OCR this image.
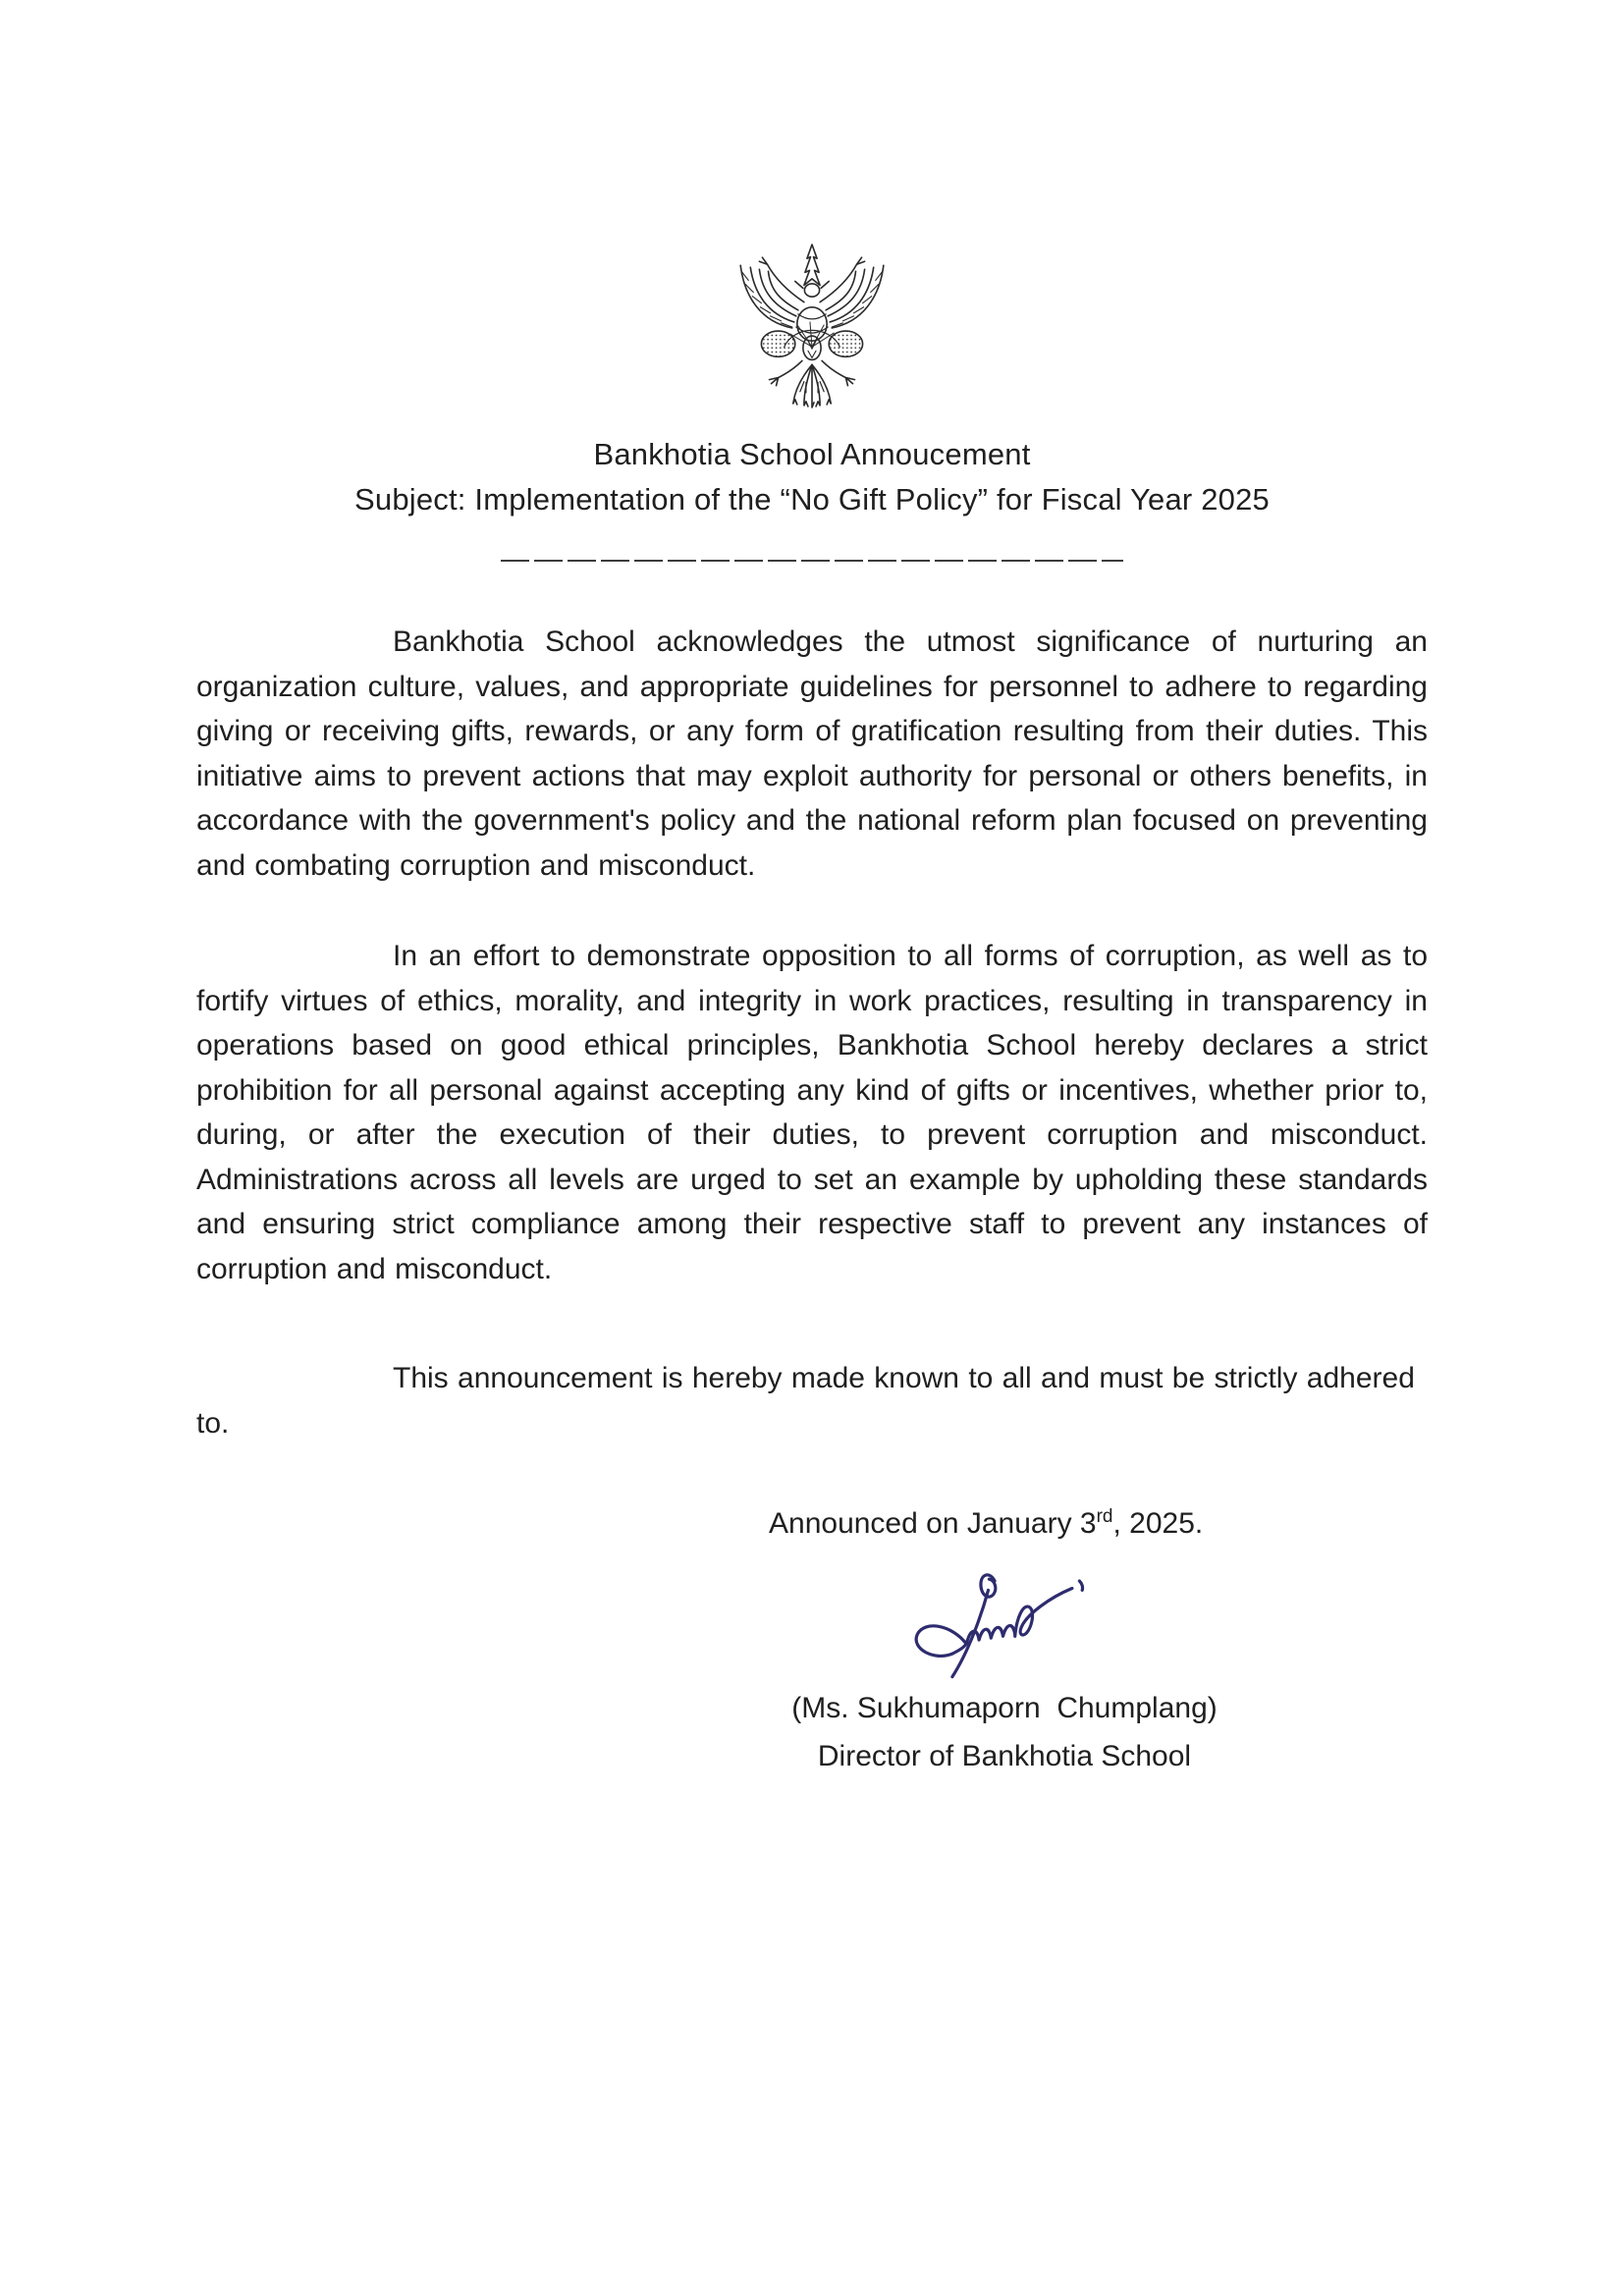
Bankhotia School Annoucement
Subject: Implementation of the “No Gift Policy” for Fiscal Year 2025

Bankhotia School acknowledges the utmost significance of nurturing an organization culture, values, and appropriate guidelines for personnel to adhere to regarding giving or receiving gifts, rewards, or any form of gratification resulting from their duties. This initiative aims to prevent actions that may exploit authority for personal or others benefits, in accordance with the government's policy and the national reform plan focused on preventing and combating corruption and misconduct.

In an effort to demonstrate opposition to all forms of corruption, as well as to fortify virtues of ethics, morality, and integrity in work practices, resulting in transparency in operations based on good ethical principles, Bankhotia School hereby declares a strict prohibition for all personal against accepting any kind of gifts or incentives, whether prior to, during, or after the execution of their duties, to prevent corruption and misconduct. Administrations across all levels are urged to set an example by upholding these standards and ensuring strict compliance among their respective staff to prevent any instances of corruption and misconduct.

This announcement is hereby made known to all and must be strictly adhered to.

Announced on January 3rd, 2025.
(Ms. Sukhumaporn  Chumplang)
Director of Bankhotia School
